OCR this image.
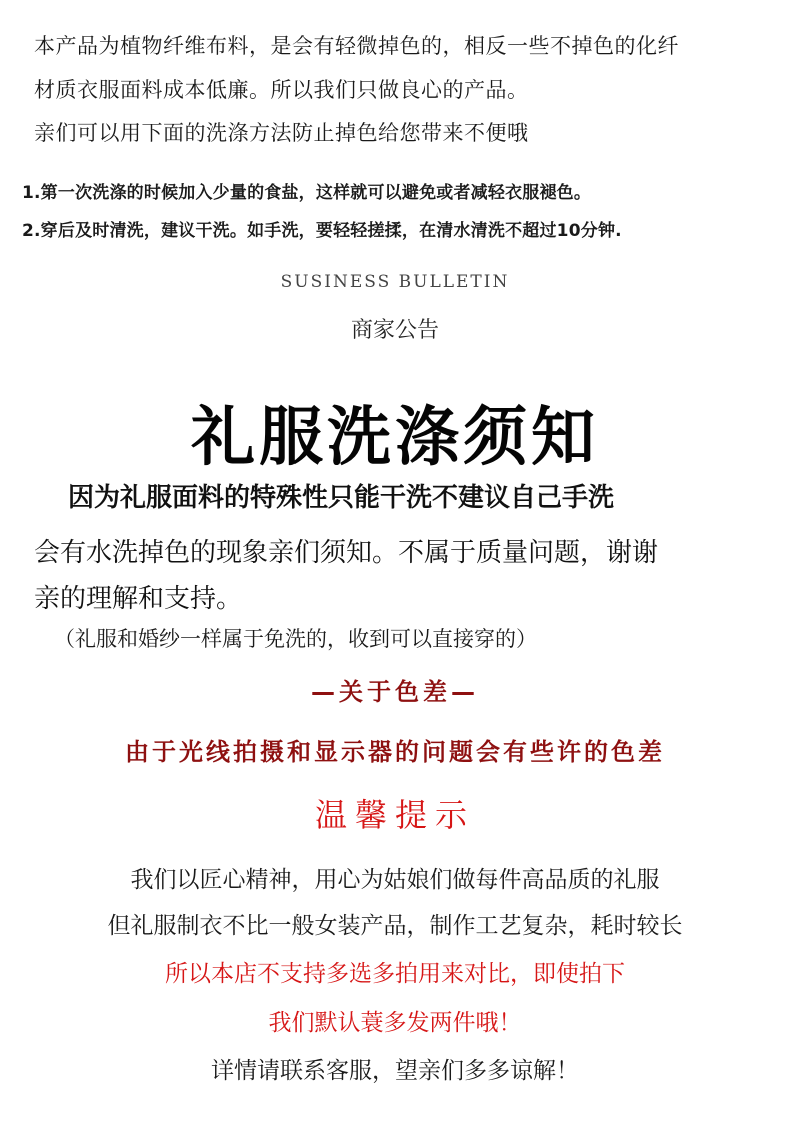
本产品为植物纤维布料，是会有轻微掉色的，相反一些不掉色的化纤

材质衣服面料成本低廉。所以我们只做良心的产品。

亲们可以用下面的洗涤方法防止掉色给您带来不便哦

1.第一次洗涤的时候加入少量的食盐，这样就可以避免或者减轻衣服褪色。

2.穿后及时清洗，建议干洗。如手洗，要轻轻搓揉，在清水清洗不超过10分钟.

SUSINESS BULLETIN

商家公告

礼服洗涤须知

因为礼服面料的特殊性只能干洗不建议自己手洗

会有水洗掉色的现象亲们须知。不属于质量问题，谢谢

亲的理解和支持。

（礼服和婚纱一样属于免洗的，收到可以直接穿的）

—关于色差—

由于光线拍摄和显示器的问题会有些许的色差

温馨提示

我们以匠心精神，用心为姑娘们做每件高品质的礼服

但礼服制衣不比一般女装产品，制作工艺复杂，耗时较长

所以本店不支持多选多拍用来对比，即使拍下

我们默认蓑多发两件哦！

详情请联系客服，望亲们多多谅解！
